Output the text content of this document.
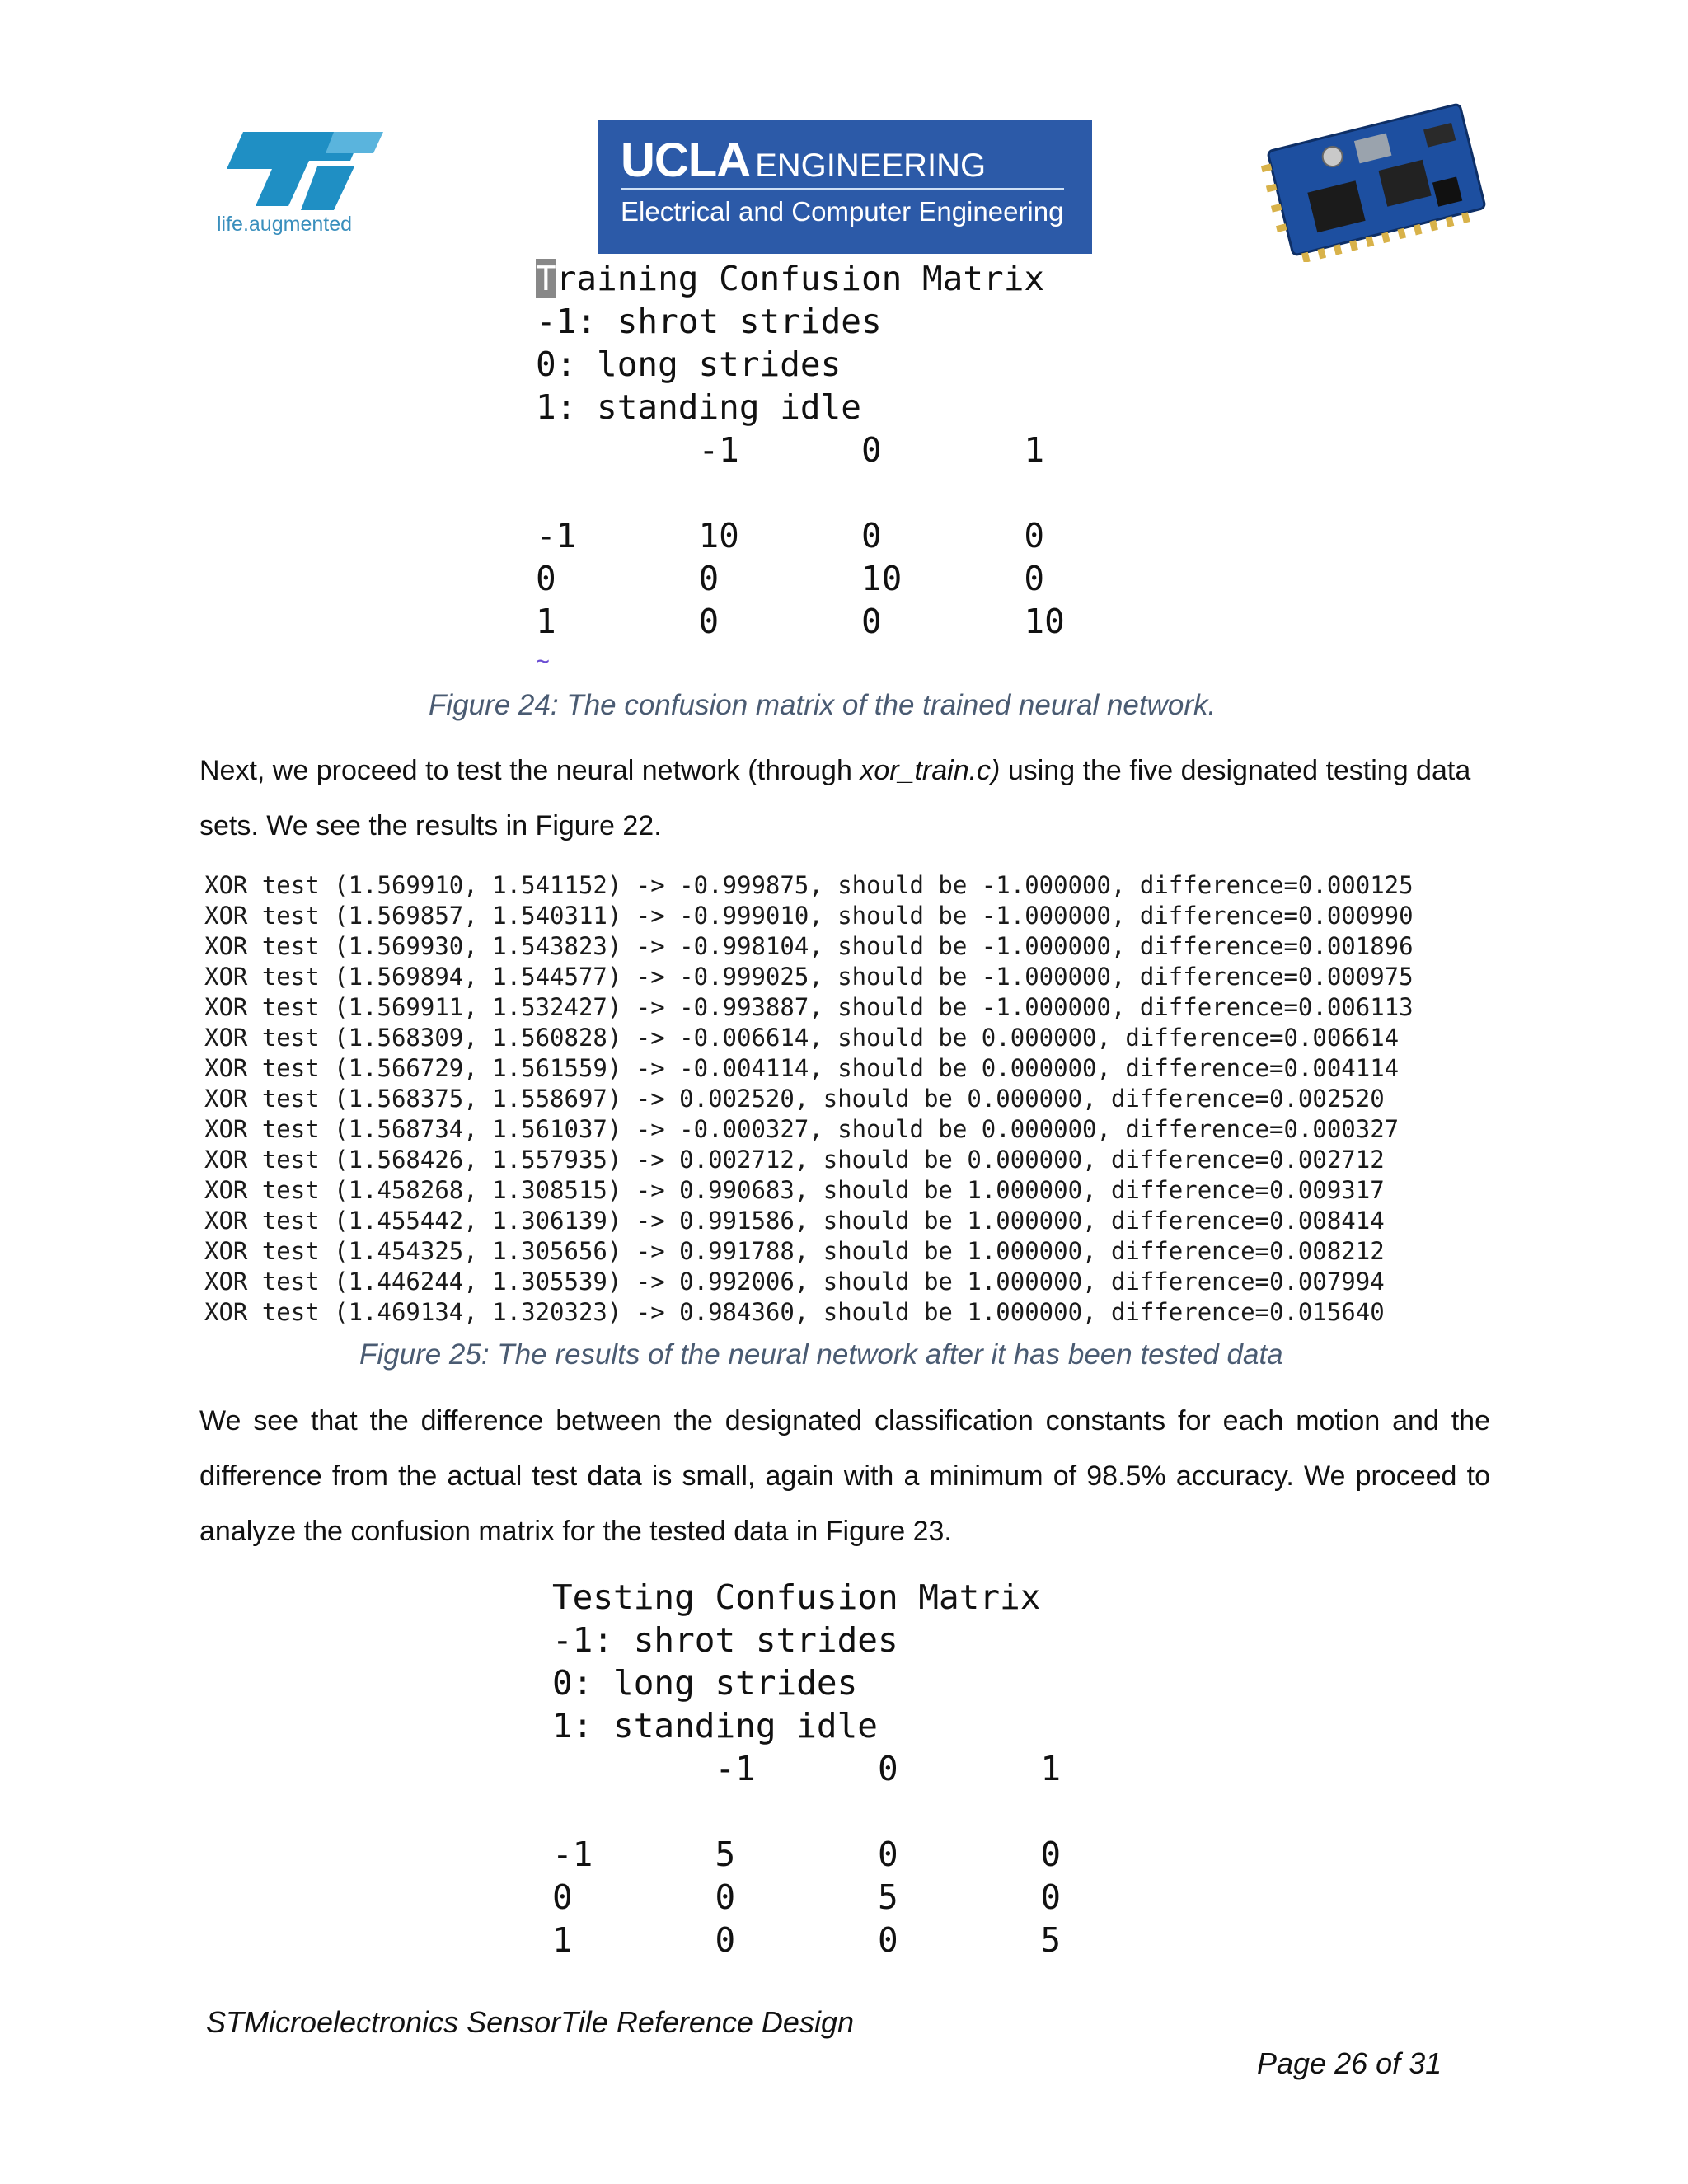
life.augmented
UCLA ENGINEERING
Electrical and Computer Engineering
Training Confusion Matrix
-1: shrot strides
0: long strides
1: standing idle
-1      0       1

-1      10      0       0
0       0       10      0
1       0       0       10
~
Figure 24: The confusion matrix of the trained neural network.
Next, we proceed to test the neural network (through xor_train.c) using the five designated testing data sets. We see the results in Figure 22.
XOR test (1.569910, 1.541152) -> -0.999875, should be -1.000000, difference=0.000125
XOR test (1.569857, 1.540311) -> -0.999010, should be -1.000000, difference=0.000990
XOR test (1.569930, 1.543823) -> -0.998104, should be -1.000000, difference=0.001896
XOR test (1.569894, 1.544577) -> -0.999025, should be -1.000000, difference=0.000975
XOR test (1.569911, 1.532427) -> -0.993887, should be -1.000000, difference=0.006113
XOR test (1.568309, 1.560828) -> -0.006614, should be 0.000000, difference=0.006614
XOR test (1.566729, 1.561559) -> -0.004114, should be 0.000000, difference=0.004114
XOR test (1.568375, 1.558697) -> 0.002520, should be 0.000000, difference=0.002520
XOR test (1.568734, 1.561037) -> -0.000327, should be 0.000000, difference=0.000327
XOR test (1.568426, 1.557935) -> 0.002712, should be 0.000000, difference=0.002712
XOR test (1.458268, 1.308515) -> 0.990683, should be 1.000000, difference=0.009317
XOR test (1.455442, 1.306139) -> 0.991586, should be 1.000000, difference=0.008414
XOR test (1.454325, 1.305656) -> 0.991788, should be 1.000000, difference=0.008212
XOR test (1.446244, 1.305539) -> 0.992006, should be 1.000000, difference=0.007994
XOR test (1.469134, 1.320323) -> 0.984360, should be 1.000000, difference=0.015640
Figure 25: The results of the neural network after it has been tested data
We see that the difference between the designated classification constants for each motion and the difference from the actual test data is small, again with a minimum of 98.5% accuracy. We proceed to analyze the confusion matrix for the tested data in Figure 23.
Testing Confusion Matrix
-1: shrot strides
0: long strides
1: standing idle
-1      0       1

-1      5       0       0
0       0       5       0
1       0       0       5
STMicroelectronics SensorTile Reference Design
Page 26 of 31
